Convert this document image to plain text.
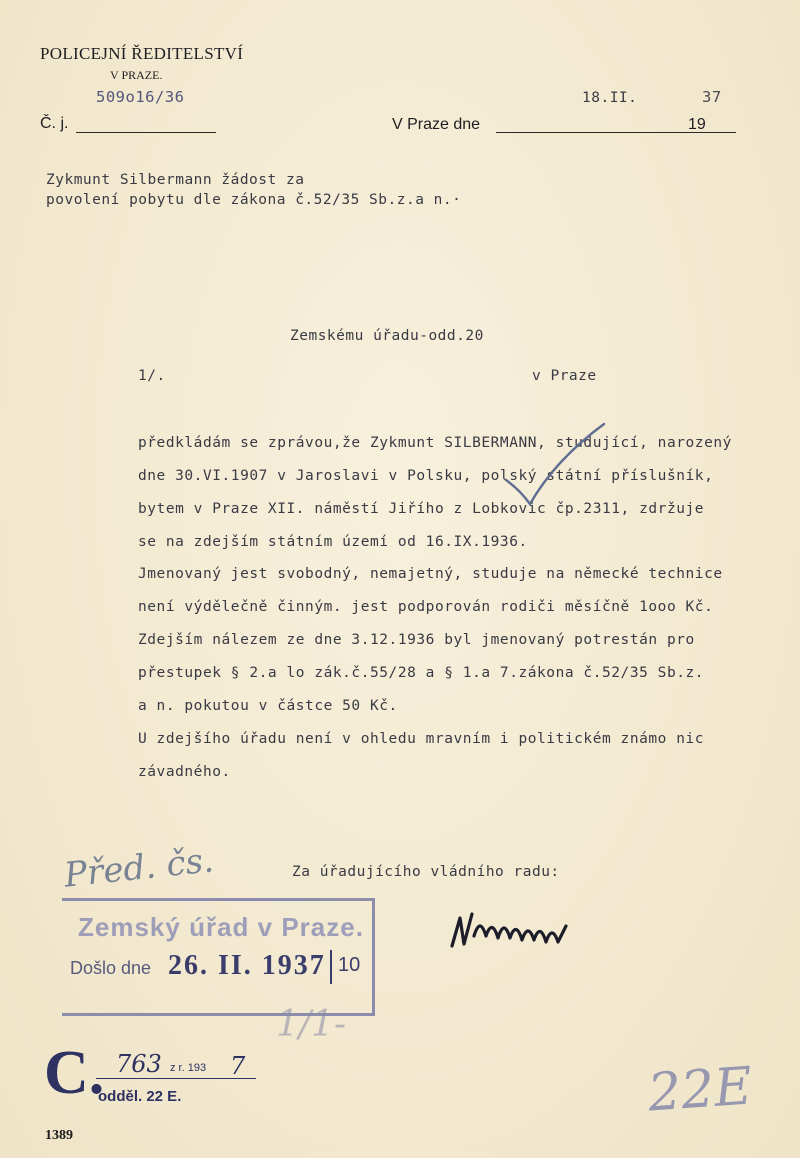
POLICEJNÍ ŘEDITELSTVÍ
V PRAZE.
509o16/36	18.II.	37
Č. j.	V Praze dne	19
Zykmunt Silbermann žádost za
povolení pobytu dle zákona č.52/35 Sb.z.a n.·
Zemskému úřadu-odd.20
1/.	v Praze
předkládám se zprávou,že Zykmunt SILBERMANN, studující, narozený
dne 30.VI.1907 v Jaroslavi v Polsku, polský státní příslušník,
bytem v Praze XII. náměstí Jiřího z Lobkovic čp.2311, zdržuje
se na zdejším státním území od 16.IX.1936.
Jmenovaný jest svobodný, nemajetný, studuje na německé technice
není výdělečně činným. jest podporován rodiči měsíčně 1ooo Kč.
Zdejším nálezem ze dne 3.12.1936 byl jmenovaný potrestán pro
přestupek § 2.a lo zák.č.55/28 a § 1.a 7.zákona č.52/35 Sb.z.
a n. pokutou v částce 50 Kč.
U zdejšího úřadu není v ohledu mravním i politickém známo nic
závadného.
Za úřadujícího vládního radu:
Před. čs.
Zemský úřad v Praze.
Došlo dne 26. II. 1937 10
1/1-
C. 763 z r. 193 7
odděl. 22 E.	22E
1389
